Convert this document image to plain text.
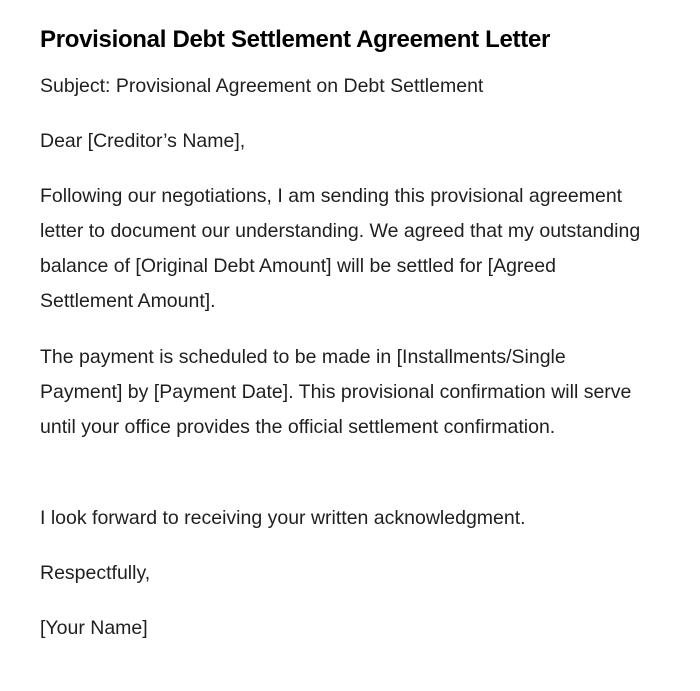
Provisional Debt Settlement Agreement Letter

Subject: Provisional Agreement on Debt Settlement

Dear [Creditor’s Name],

Following our negotiations, I am sending this provisional agreement letter to document our understanding. We agreed that my outstanding balance of [Original Debt Amount] will be settled for [Agreed Settlement Amount].

The payment is scheduled to be made in [Installments/Single Payment] by [Payment Date]. This provisional confirmation will serve until your office provides the official settlement confirmation.

I look forward to receiving your written acknowledgment.

Respectfully,

[Your Name]
